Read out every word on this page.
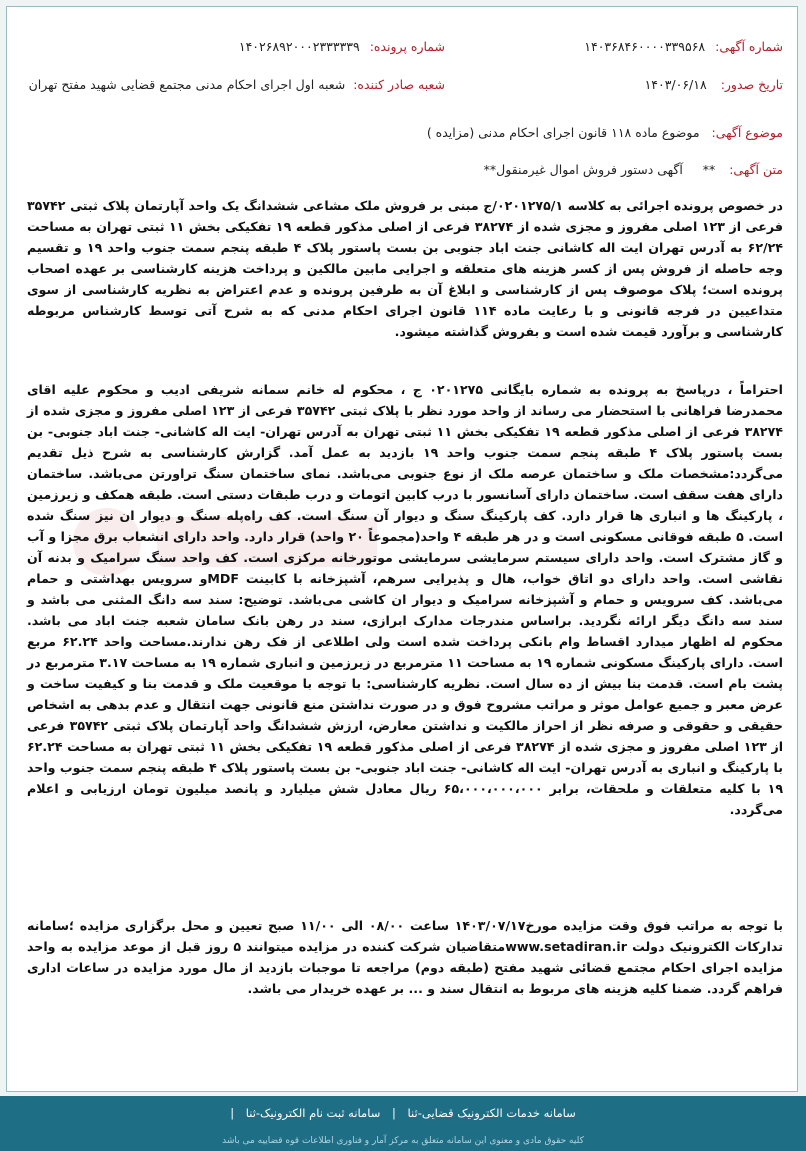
شماره آگهی: ۱۴۰۳۶۸۴۶۰۰۰۰۳۳۹۵۶۸
شماره پرونده: ۱۴۰۲۶۸۹۲۰۰۰۲۳۳۳۳۳۹
تاریخ صدور: ۱۴۰۳/۰۶/۱۸
شعبه صادر کننده: شعبه اول اجرای احکام مدنی مجتمع قضایی شهید مفتح تهران
موضوع آگهی: موضوع ماده ۱۱۸ قانون اجرای احکام مدنی (مزایده )
متن آگهی: **     آگهی دستور فروش اموال غیرمنقول**
در خصوص پرونده اجرائی به کلاسه ۰۲۰۱۲۷۵/۱/ج مبنی بر فروش ملک مشاعی ششدانگ یک واحد آپارتمان پلاک ثبتی ۳۵۷۴۲ فرعی از ۱۲۳ اصلی مفروز و مجزی شده از ۳۸۲۷۴ فرعی از اصلی مذکور قطعه ۱۹ تفکیکی بخش ۱۱ ثبتی تهران به مساحت ۶۲/۲۴ به آدرس تهران ایت اله کاشانی جنت اباد جنوبی بن بست پاستور پلاک ۴ طبقه پنجم سمت جنوب واحد ۱۹ و تقسیم وجه حاصله از فروش پس از کسر هزینه های متعلقه و اجرایی مابین مالکین و پرداخت هزینه کارشناسی بر عهده اصحاب پرونده است؛ پلاک موصوف پس از کارشناسی و ابلاغ آن به طرفین پرونده و عدم اعتراض به نظریه کارشناسی از سوی متداعیین در فرجه قانونی و با رعایت ماده ۱۱۴ قانون اجرای احکام مدنی که به شرح آتی توسط کارشناس مربوطه کارشناسی و برآورد قیمت شده است و بفروش گذاشته میشود.
احتراماً ، درپاسخ به پرونده به شماره بایگانی ۰۲۰۱۲۷۵ ج ، محکوم له خانم سمانه شریفی ادیب و محکوم علیه اقای محمدرضا فراهانی با استحضار می رساند از واحد مورد نظر با پلاک ثبتی ۳۵۷۴۲ فرعی از ۱۲۳ اصلی مفروز و مجزی شده از ۳۸۲۷۴ فرعی از اصلی مذکور قطعه ۱۹ تفکیکی بخش ۱۱ ثبتی تهران به آدرس تهران- ایت اله کاشانی- جنت اباد جنوبی- بن بست پاستور پلاک ۴ طبقه پنجم سمت جنوب واحد ۱۹ بازدید به عمل آمد. گزارش کارشناسی به شرح ذیل تقدیم می‌گردد:مشخصات ملک و ساختمان عرصه ملک از نوع جنوبی می‌باشد. نمای ساختمان سنگ تراورتن می‌باشد. ساختمان دارای هفت سقف است. ساختمان دارای آسانسور با درب کابین اتومات و درب طبقات دستی است. طبقه همکف و زیرزمین ، پارکینگ ها و انباری ها قرار دارد. کف پارکینگ سنگ و دیوار آن سنگ است. کف راه‌پله سنگ و دیوار ان نیز سنگ شده است. ۵ طبقه فوقانی مسکونی است و در هر طبقه ۴ واحد(مجموعاً ۲۰ واحد) قرار دارد. واحد دارای انشعاب برق مجزا و آب و گاز مشترک است. واحد دارای سیستم سرمایشی سرمایشی موتورخانه مرکزی است. کف واحد سنگ سرامیک و بدنه آن نقاشی است. واحد دارای دو اتاق خواب، هال و پذیرایی سرهم، آشپزخانه با کابینت MDFو سرویس بهداشتی و حمام می‌باشد. کف سرویس و حمام و آشپزخانه سرامیک و دیوار ان کاشی می‌باشد. توضیح: سند سه دانگ المثنی می باشد و سند سه دانگ دیگر ارائه نگردید. براساس مندرجات مدارک ابرازی، سند در رهن بانک سامان شعبه جنت اباد می باشد. محکوم له اظهار میدارد اقساط وام بانکی پرداخت شده است ولی اطلاعی از فک رهن ندارند.مساحت واحد ۶۲.۲۴ مربع است. دارای پارکینگ مسکونی شماره ۱۹ به مساحت ۱۱ مترمربع در زیرزمین و انباری شماره ۱۹ به مساحت ۳.۱۷ مترمربع در پشت بام است. قدمت بنا بیش از ده سال است. نظریه کارشناسی: با توجه با موقعیت ملک و قدمت بنا و کیفیت ساخت و عرض معبر و جمیع عوامل موثر و مراتب مشروح فوق و در صورت نداشتن منع قانونی جهت انتقال و عدم بدهی به اشخاص حقیقی و حقوقی و صرفه نظر از احراز مالکیت و نداشتن معارض، ارزش ششدانگ واحد آپارتمان پلاک ثبتی ۳۵۷۴۲ فرعی از ۱۲۳ اصلی مفروز و مجزی شده از ۳۸۲۷۴ فرعی از اصلی مذکور قطعه ۱۹ تفکیکی بخش ۱۱ ثبتی تهران به مساحت ۶۲.۲۴ با پارکینگ و انباری به آدرس تهران- ایت اله کاشانی- جنت اباد جنوبی- بن بست پاستور پلاک ۴ طبقه پنجم سمت جنوب واحد ۱۹ با کلیه متعلقات و ملحقات، برابر ۶۵،۰۰۰،۰۰۰،۰۰۰ ریال معادل شش میلیارد و پانصد میلیون تومان ارزیابی و اعلام می‌گردد.
با توجه به مراتب فوق وقت مزایده مورخ۱۴۰۳/۰۷/۱۷ ساعت ۰۸/۰۰ الی ۱۱/۰۰ صبح تعیین و محل برگزاری مزایده ؛سامانه تدارکات الکترونیک دولت www.setadiran.irمتقاضیان شرکت کننده در مزایده میتوانند ۵ روز قبل از موعد مزایده به واحد مزایده اجرای احکام مجتمع قضائی شهید مفتح (طبقه دوم) مراجعه تا موجبات بازدید از مال مورد مزایده در ساعات اداری فراهم گردد. ضمنا کلیه هزینه های مربوط به انتقال سند و ... بر عهده خریدار می باشد.
سامانه خدمات الکترونیک قضایی-ثنا | سامانه ثبت نام الکترونیک-ثنا |
کلیه حقوق مادی و معنوی این سامانه متعلق به مرکز آمار و فناوری اطلاعات قوه قضاییه می باشد
